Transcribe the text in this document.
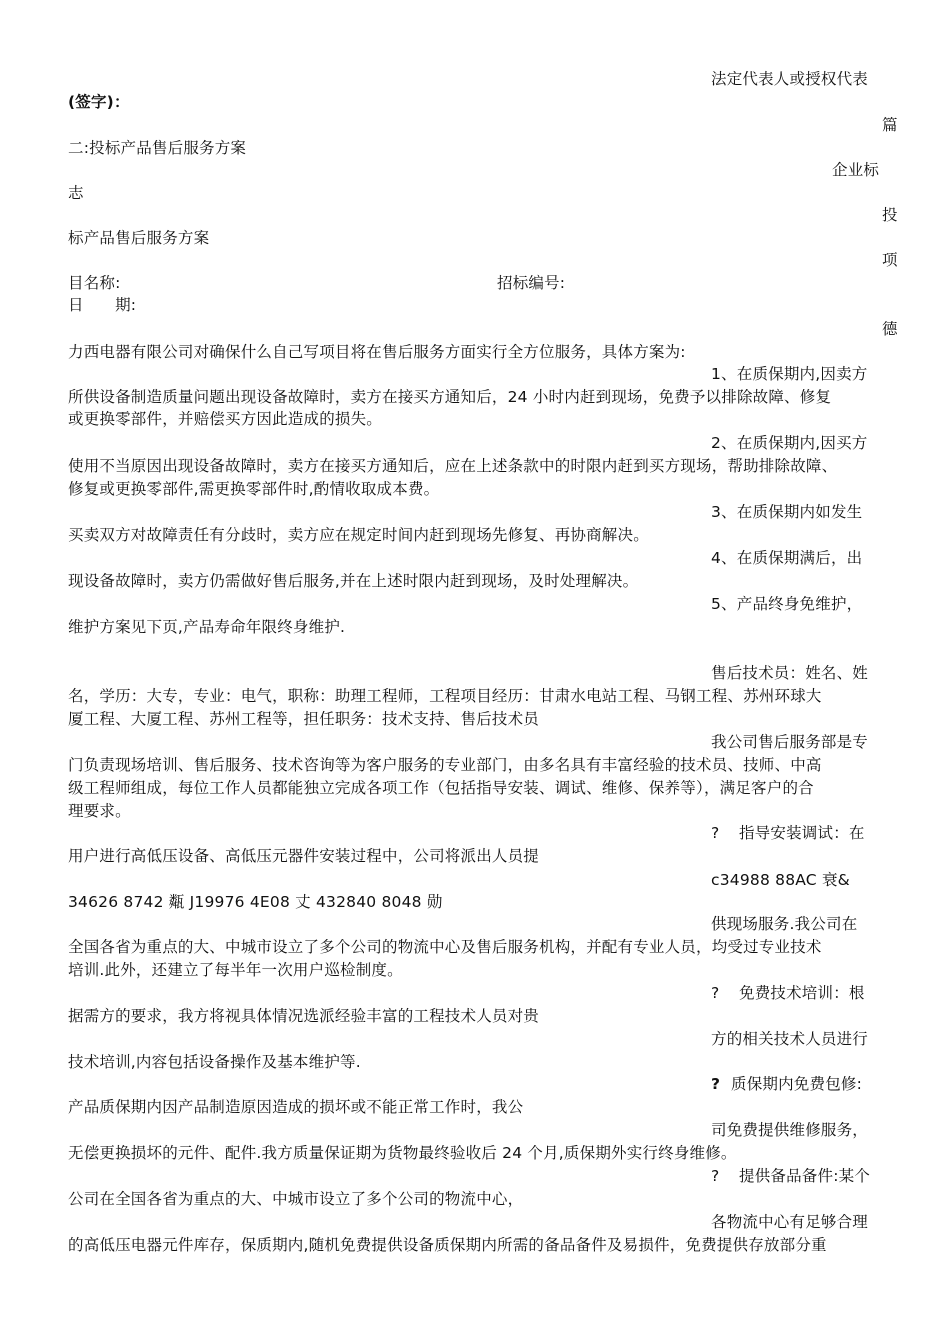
法定代表人或授权代表
(签字)：
篇
二:投标产品售后服务方案
企业标
志
投
标产品售后服务方案
项
目名称:	招标编号:
日　　期:
德
力西电器有限公司对确保什么自己写项目将在售后服务方面实行全方位服务，具体方案为:
1、在质保期内,因卖方
所供设备制造质量问题出现设备故障时，卖方在接买方通知后，24 小时内赶到现场，免费予以排除故障、修复
或更换零部件，并赔偿买方因此造成的损失。
2、在质保期内,因买方
使用不当原因出现设备故障时，卖方在接买方通知后，应在上述条款中的时限内赶到买方现场，帮助排除故障、
修复或更换零部件,需更换零部件时,酌情收取成本费。
3、在质保期内如发生
买卖双方对故障责任有分歧时，卖方应在规定时间内赶到现场先修复、再协商解决。
4、在质保期满后，出
现设备故障时，卖方仍需做好售后服务,并在上述时限内赶到现场，及时处理解决。
5、产品终身免维护，
维护方案见下页,产品寿命年限终身维护.
售后技术员：姓名、姓
名，学历：大专，专业：电气，职称：助理工程师，工程项目经历：甘肃水电站工程、马钢工程、苏州环球大
厦工程、大厦工程、苏州工程等，担任职务：技术支持、售后技术员
我公司售后服务部是专
门负责现场培训、售后服务、技术咨询等为客户服务的专业部门，由多名具有丰富经验的技术员、技师、中高
级工程师组成，每位工作人员都能独立完成各项工作（包括指导安装、调试、维修、保养等），满足客户的合
理要求。
? 指导安装调试：在
用户进行高低压设备、高低压元器件安装过程中，公司将派出人员提
c34988 88AC 衰&
34626 8742 甐 J19976 4E08 丈 432840 8048 勋
供现场服务.我公司在
全国各省为重点的大、中城市设立了多个公司的物流中心及售后服务机构，并配有专业人员，均受过专业技术
培训.此外，还建立了每半年一次用户巡检制度。
? 免费技术培训：根
据需方的要求，我方将视具体情况选派经验丰富的工程技术人员对贵
方的相关技术人员进行
技术培训,内容包括设备操作及基本维护等.
? 质保期内免费包修:
产品质保期内因产品制造原因造成的损坏或不能正常工作时，我公
司免费提供维修服务，
无偿更换损坏的元件、配件.我方质量保证期为货物最终验收后 24 个月,质保期外实行终身维修。
? 提供备品备件:某个
公司在全国各省为重点的大、中城市设立了多个公司的物流中心，
各物流中心有足够合理
的高低压电器元件库存，保质期内,随机免费提供设备质保期内所需的备品备件及易损件，免费提供存放部分重
